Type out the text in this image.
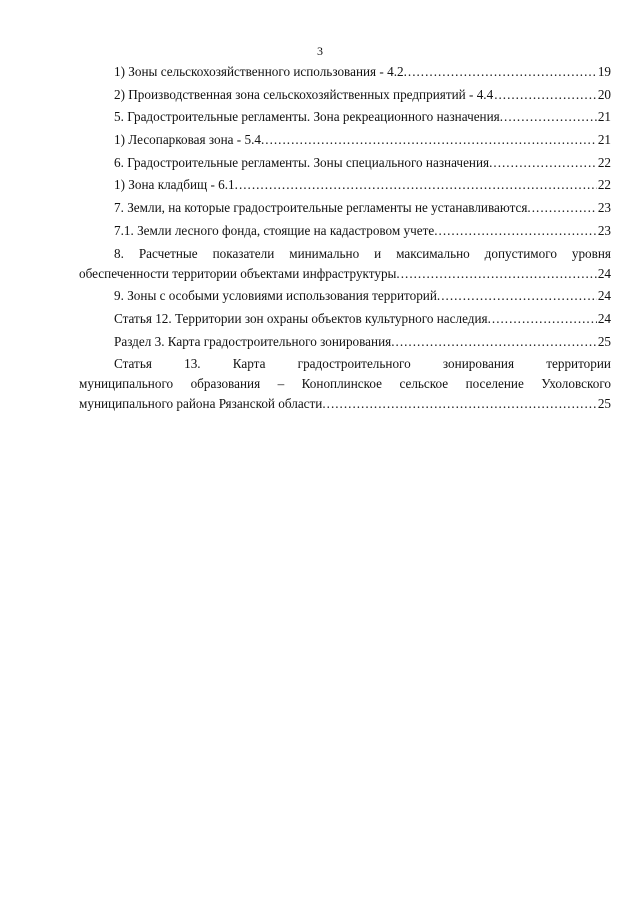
3
1) Зоны сельскохозяйственного использования - 4.2. .....	19
2) Производственная зона сельскохозяйственных предприятий - 4.4 .....	20
5. Градостроительные регламенты. Зона рекреационного назначения. .....	21
1) Лесопарковая зона - 5.4. .....	21
6. Градостроительные регламенты. Зоны специального назначения. .....	22
1) Зона кладбищ - 6.1. .....	22
7. Земли, на которые градостроительные регламенты не устанавливаются. .....	23
7.1. Земли лесного фонда, стоящие на кадастровом учете. .....	23
8. Расчетные показатели минимально и максимально допустимого уровня
обеспеченности территории объектами инфраструктуры. .....	24
9. Зоны с особыми условиями использования территорий. .....	24
Статья 12. Территории зон охраны объектов культурного наследия. .....	24
Раздел 3. Карта градостроительного зонирования. .....	25
Статья 13. Карта градостроительного зонирования территории
муниципального образования – Коноплинское сельское поселение Ухоловского
муниципального района Рязанской области. .....	25
